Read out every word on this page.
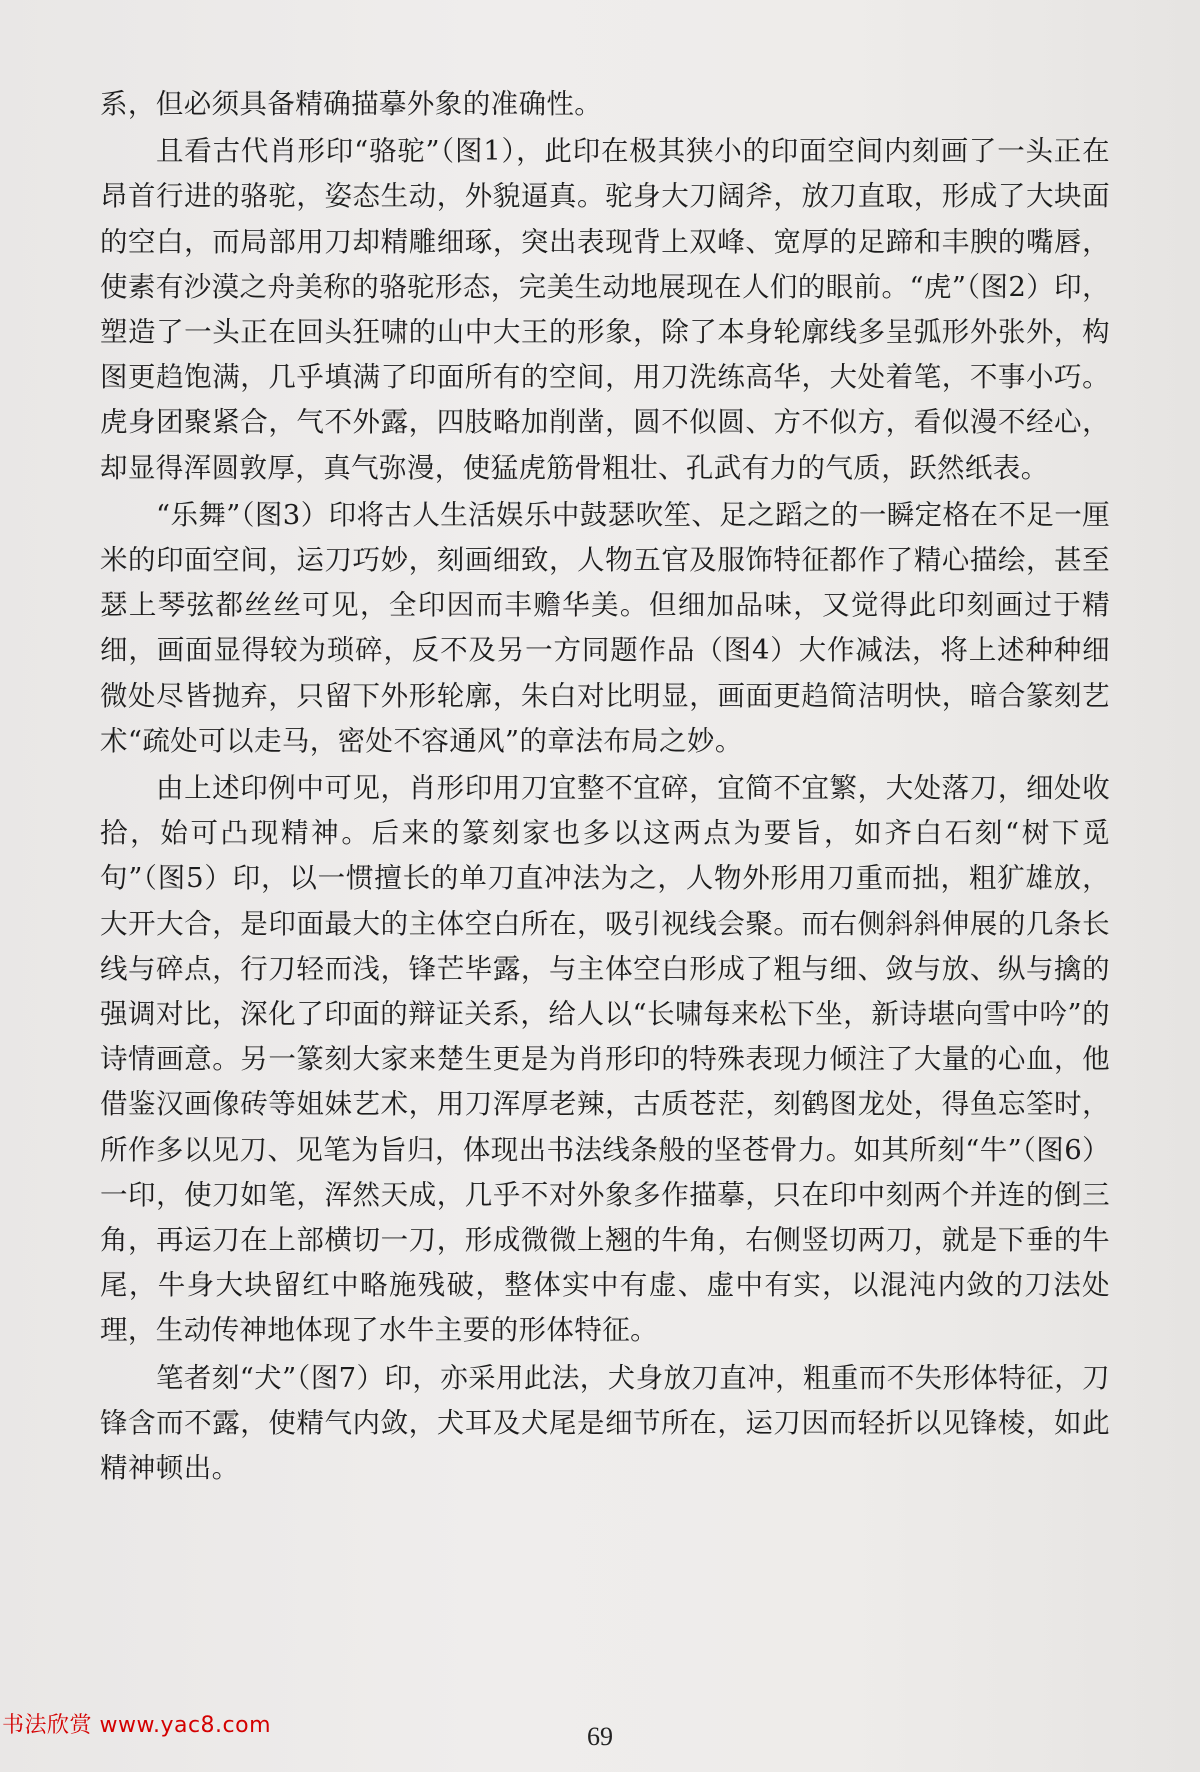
系，但必须具备精确描摹外象的准确性。

且看古代肖形印“骆驼”（图1），此印在极其狭小的印面空间内刻画了一头正在昂首行进的骆驼，姿态生动，外貌逼真。驼身大刀阔斧，放刀直取，形成了大块面的空白，而局部用刀却精雕细琢，突出表现背上双峰、宽厚的足蹄和丰腴的嘴唇，使素有沙漠之舟美称的骆驼形态，完美生动地展现在人们的眼前。“虎”（图2）印，塑造了一头正在回头狂啸的山中大王的形象，除了本身轮廓线多呈弧形外张外，构图更趋饱满，几乎填满了印面所有的空间，用刀洗练高华，大处着笔，不事小巧。虎身团聚紧合，气不外露，四肢略加削凿，圆不似圆、方不似方，看似漫不经心，却显得浑圆敦厚，真气弥漫，使猛虎筋骨粗壮、孔武有力的气质，跃然纸表。

“乐舞”（图3）印将古人生活娱乐中鼓瑟吹笙、足之蹈之的一瞬定格在不足一厘米的印面空间，运刀巧妙，刻画细致，人物五官及服饰特征都作了精心描绘，甚至瑟上琴弦都丝丝可见，全印因而丰赡华美。但细加品味，又觉得此印刻画过于精细，画面显得较为琐碎，反不及另一方同题作品（图4）大作减法，将上述种种细微处尽皆抛弃，只留下外形轮廓，朱白对比明显，画面更趋简洁明快，暗合篆刻艺术“疏处可以走马，密处不容通风”的章法布局之妙。

由上述印例中可见，肖形印用刀宜整不宜碎，宜简不宜繁，大处落刀，细处收拾，始可凸现精神。后来的篆刻家也多以这两点为要旨，如齐白石刻“树下觅句”（图5）印，以一惯擅长的单刀直冲法为之，人物外形用刀重而拙，粗犷雄放，大开大合，是印面最大的主体空白所在，吸引视线会聚。而右侧斜斜伸展的几条长线与碎点，行刀轻而浅，锋芒毕露，与主体空白形成了粗与细、敛与放、纵与擒的强调对比，深化了印面的辩证关系，给人以“长啸每来松下坐，新诗堪向雪中吟”的诗情画意。另一篆刻大家来楚生更是为肖形印的特殊表现力倾注了大量的心血，他借鉴汉画像砖等姐妹艺术，用刀浑厚老辣，古质苍茫，刻鹤图龙处，得鱼忘筌时，所作多以见刀、见笔为旨归，体现出书法线条般的坚苍骨力。如其所刻“牛”（图6）一印，使刀如笔，浑然天成，几乎不对外象多作描摹，只在印中刻两个并连的倒三角，再运刀在上部横切一刀，形成微微上翘的牛角，右侧竖切两刀，就是下垂的牛尾，牛身大块留红中略施残破，整体实中有虚、虚中有实，以混沌内敛的刀法处理，生动传神地体现了水牛主要的形体特征。

笔者刻“犬”（图7）印，亦采用此法，犬身放刀直冲，粗重而不失形体特征，刀锋含而不露，使精气内敛，犬耳及犬尾是细节所在，运刀因而轻折以见锋棱，如此精神顿出。

书法欣赏 www.yac8.com	69
